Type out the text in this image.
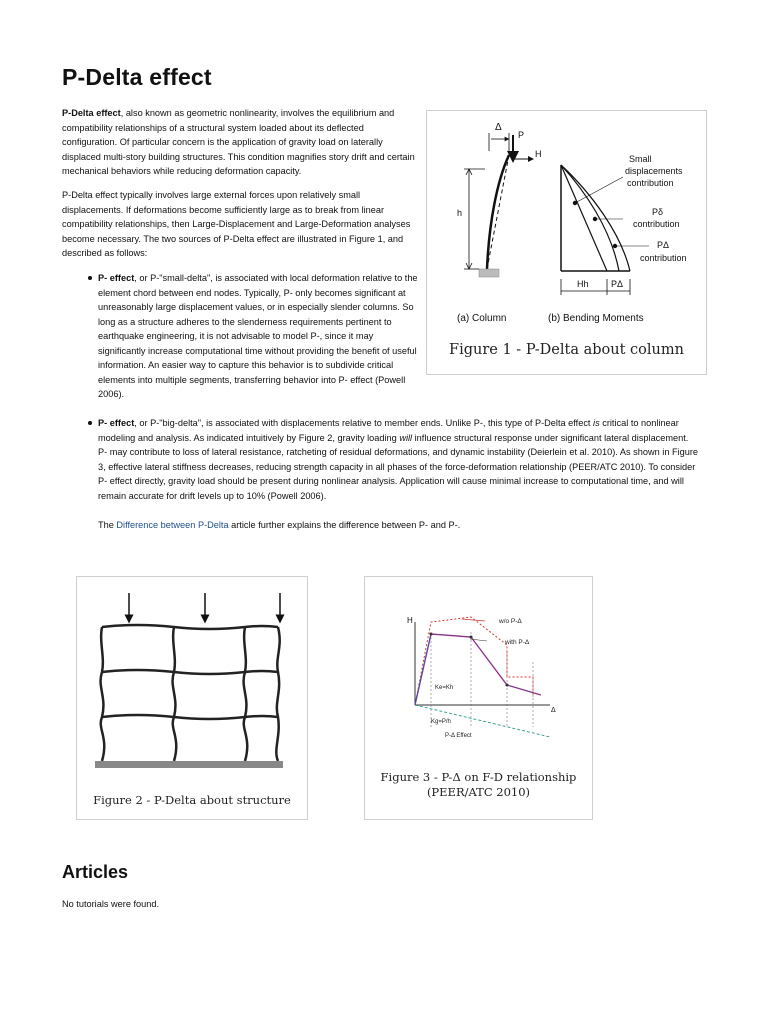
P-Delta effect

P-Delta effect, also known as geometric nonlinearity, involves the equilibrium and compatibility relationships of a structural system loaded about its deflected configuration. Of particular concern is the application of gravity load on laterally displaced multi-story building structures. This condition magnifies story drift and certain mechanical behaviors while reducing deformation capacity.

P-Delta effect typically involves large external forces upon relatively small displacements. If deformations become sufficiently large as to break from linear compatibility relationships, then Large-Displacement and Large-Deformation analyses become necessary. The two sources of P-Delta effect are illustrated in Figure 1, and described as follows:

P- effect, or P-"small-delta", is associated with local deformation relative to the element chord between end nodes. Typically, P- only becomes significant at unreasonably large displacement values, or in especially slender columns. So long as a structure adheres to the slenderness requirements pertinent to earthquake engineering, it is not advisable to model P-, since it may significantly increase computational time without providing the benefit of useful information. An easier way to capture this behavior is to subdivide critical elements into multiple segments, transferring behavior into P- effect (Powell 2006).

P- effect, or P-"big-delta", is associated with displacements relative to member ends. Unlike P-, this type of P-Delta effect is critical to nonlinear modeling and analysis. As indicated intuitively by Figure 2, gravity loading will influence structural response under significant lateral displacement. P- may contribute to loss of lateral resistance, ratcheting of residual deformations, and dynamic instability (Deierlein et al. 2010). As shown in Figure 3, effective lateral stiffness decreases, reducing strength capacity in all phases of the force-deformation relationship (PEER/ATC 2010). To consider P- effect directly, gravity load should be present during nonlinear analysis. Application will cause minimal increase to computational time, and will remain accurate for drift levels up to 10% (Powell 2006).

The Difference between P-Delta article further explains the difference between P- and P-.

Δ
P
H
h
Small
displacements
contribution
Pδ
contribution
PΔ
contribution
Hh PΔ
(a) Column	(b) Bending Moments
Figure 1 - P-Delta about column
Figure 2 - P-Delta about structure
H
Δ
w/o P-Δ
with P-Δ
Ke=Kh
Kg=P/h
P-Δ Effect
Figure 3 - P-Δ on F-D relationship
(PEER/ATC 2010)
Articles

No tutorials were found.
